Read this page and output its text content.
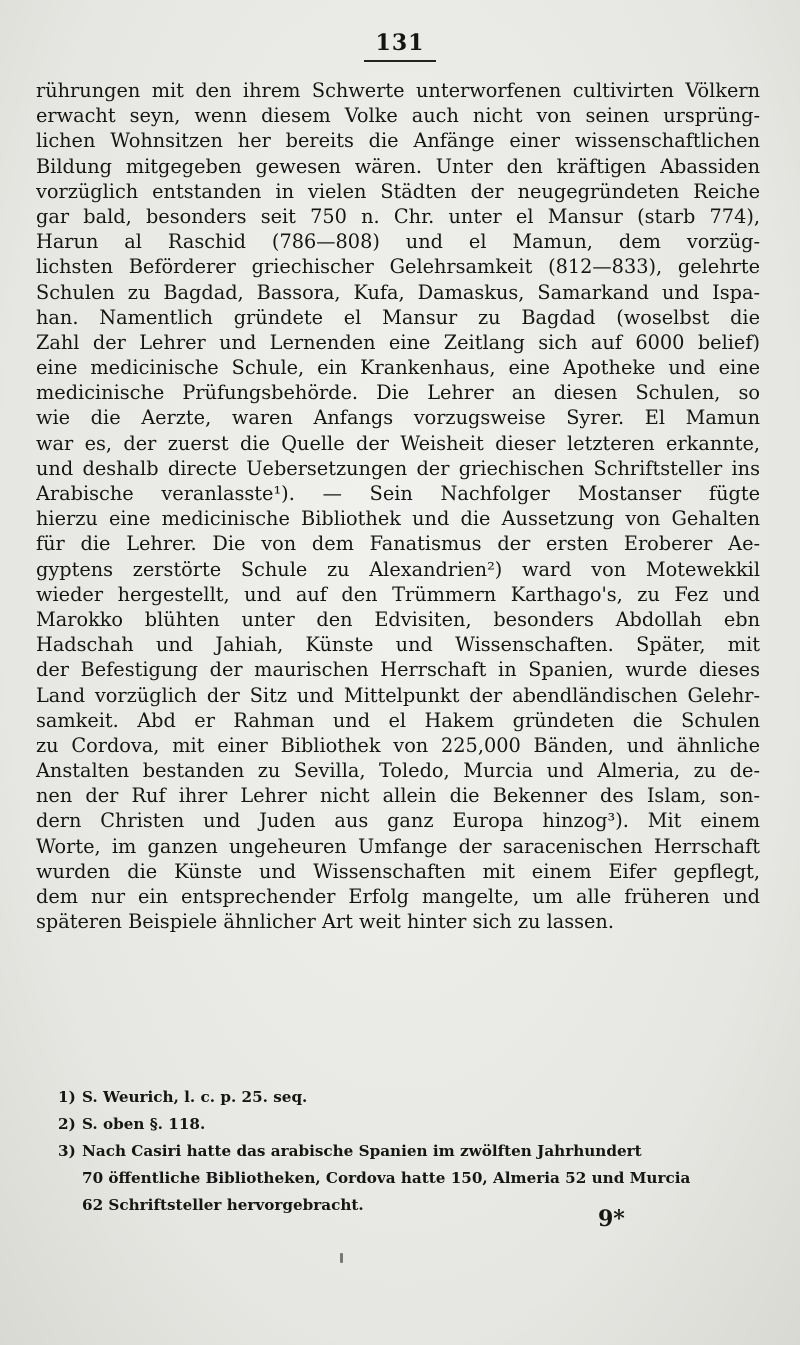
131
rührungen mit den ihrem Schwerte unterworfenen cultivirten Völkern
erwacht seyn, wenn diesem Volke auch nicht von seinen ursprüng-
lichen Wohnsitzen her bereits die Anfänge einer wissenschaftlichen
Bildung mitgegeben gewesen wären. Unter den kräftigen Abassiden
vorzüglich entstanden in vielen Städten der neugegründeten Reiche
gar bald, besonders seit 750 n. Chr. unter el Mansur (starb 774),
Harun al Raschid (786—808) und el Mamun, dem vorzüg-
lichsten Beförderer griechischer Gelehrsamkeit (812—833), gelehrte
Schulen zu Bagdad, Bassora, Kufa, Damaskus, Samarkand und Ispa-
han. Namentlich gründete el Mansur zu Bagdad (woselbst die
Zahl der Lehrer und Lernenden eine Zeitlang sich auf 6000 belief)
eine medicinische Schule, ein Krankenhaus, eine Apotheke und eine
medicinische Prüfungsbehörde. Die Lehrer an diesen Schulen, so
wie die Aerzte, waren Anfangs vorzugsweise Syrer. El Mamun
war es, der zuerst die Quelle der Weisheit dieser letzteren erkannte,
und deshalb directe Uebersetzungen der griechischen Schriftsteller ins
Arabische veranlasste¹). — Sein Nachfolger Mostanser fügte
hierzu eine medicinische Bibliothek und die Aussetzung von Gehalten
für die Lehrer. Die von dem Fanatismus der ersten Eroberer Ae-
gyptens zerstörte Schule zu Alexandrien²) ward von Motewekkil
wieder hergestellt, und auf den Trümmern Karthago's, zu Fez und
Marokko blühten unter den Edvisiten, besonders Abdollah ebn
Hadschah und Jahiah, Künste und Wissenschaften. Später, mit
der Befestigung der maurischen Herrschaft in Spanien, wurde dieses
Land vorzüglich der Sitz und Mittelpunkt der abendländischen Gelehr-
samkeit. Abd er Rahman und el Hakem gründeten die Schulen
zu Cordova, mit einer Bibliothek von 225,000 Bänden, und ähnliche
Anstalten bestanden zu Sevilla, Toledo, Murcia und Almeria, zu de-
nen der Ruf ihrer Lehrer nicht allein die Bekenner des Islam, son-
dern Christen und Juden aus ganz Europa hinzog³). Mit einem
Worte, im ganzen ungeheuren Umfange der saracenischen Herrschaft
wurden die Künste und Wissenschaften mit einem Eifer gepflegt,
dem nur ein entsprechender Erfolg mangelte, um alle früheren und
späteren Beispiele ähnlicher Art weit hinter sich zu lassen.
1) S. Weurich, l. c. p. 25. seq.
2) S. oben §. 118.
3) Nach Casiri hatte das arabische Spanien im zwölften Jahrhundert
70 öffentliche Bibliotheken, Cordova hatte 150, Almeria 52 und Murcia
62 Schriftsteller hervorgebracht.
9*
